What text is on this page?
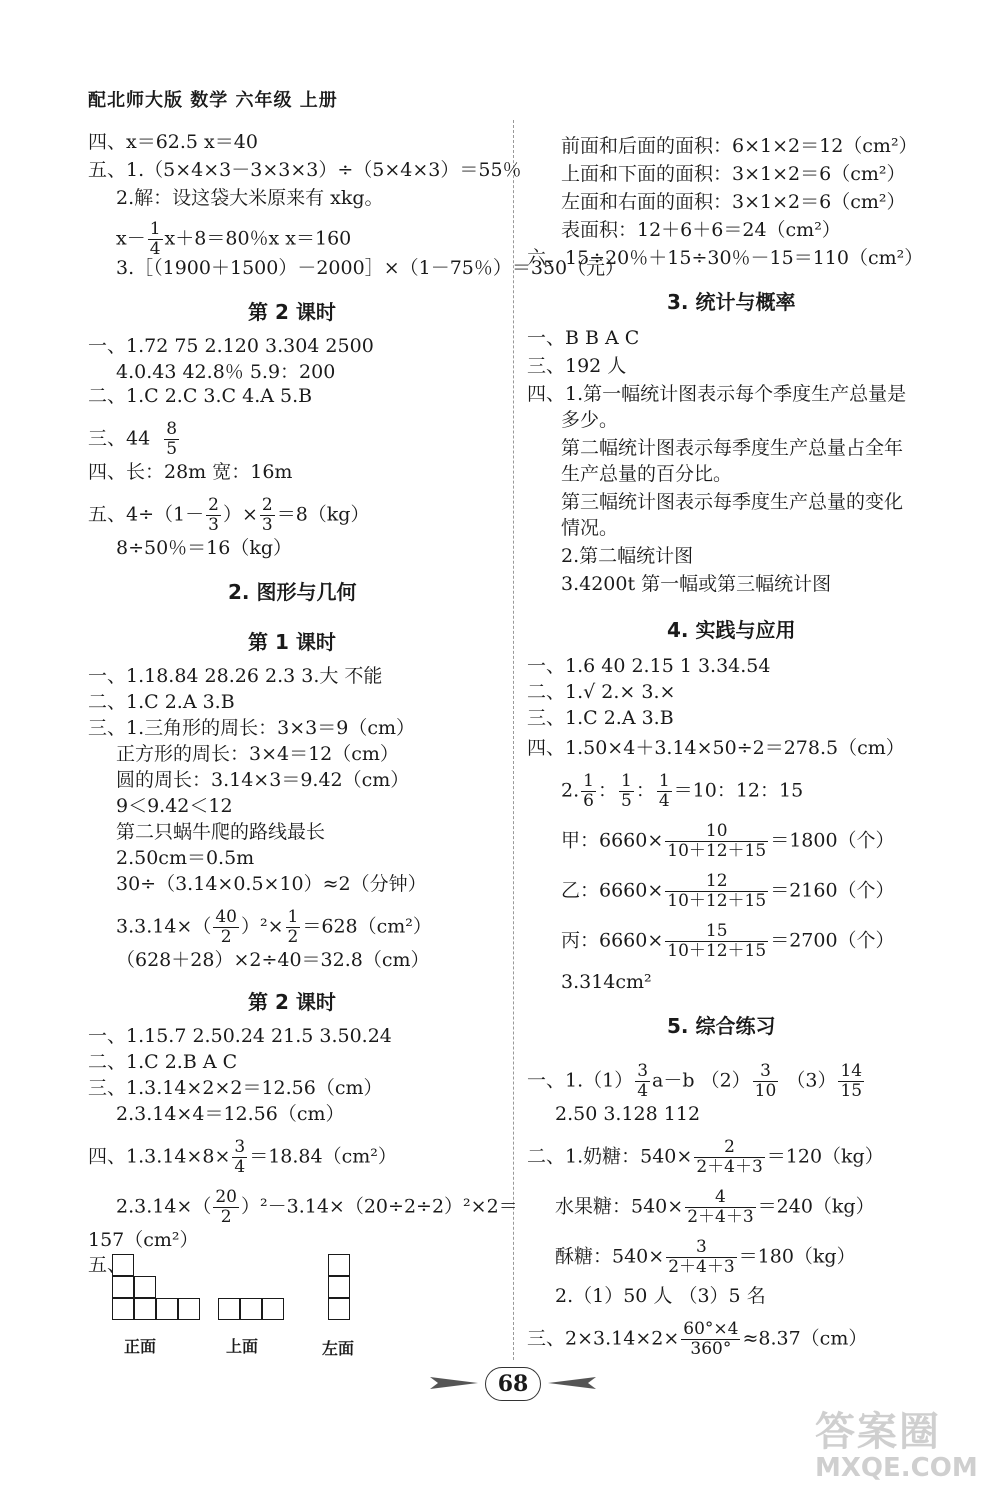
配北师大版 数学 六年级 上册
四、x＝62.5 x＝40
五、1.（5×4×3－3×3×3）÷（5×4×3）＝55％
2.解：设这袋大米原来有 xkg。
$x- \frac{1}{4} x+8=80$％x x＝160
3.［（1900＋1500）－2000］×（1－75％）＝350（元）
第 2 课时
一、1.72 75 2.120 3.304 2500
4.0.43 42.8％ 5.9：200
二、1.C 2.C 3.C 4.A 5.B
三、$44 \frac{8}{5}$
四、长：28m 宽：16m
五、$4\div(1- \frac{2}{3}$ ）× $\frac{2}{3} =8(kg)$
8÷50％＝16（kg）
2. 图形与几何
第 1 课时
一、1.18.84 28.26 2.3 3.大 不能
二、1.C 2.A 3.B
三、1.三角形的周长：3×3＝9（cm）
正方形的周长：3×4＝12（cm）
圆的周长：3.14×3＝9.42（cm）
9＜9.42＜12
第二只蜗牛爬的路线最长
2.50cm＝0.5m
30÷（3.14×0.5×10）≈2（分钟）
$3.3.14\times( \frac{40}{2} )^2\times \frac{1}{2} =628(cm^2)$
（628＋28）×2÷40＝32.8（cm）
第 2 课时
一、1.15.7 2.50.24 21.5 3.50.24
二、1.C 2.B A C
三、1.3.14×2×2＝12.56（cm）
2.3.14×4＝12.56（cm）
四、$1.3.14\times 8\times \frac{3}{4} =18.84(cm^2)$
$2.3.14\times( \frac{20}{2} )^2-3.14\times(20\div 2\div 2)^2\times 2=$
157（cm²）
五、
正面	上面	左面
前面和后面的面积：6×1×2＝12（cm²）
上面和下面的面积：3×1×2＝6（cm²）
左面和右面的面积：3×1×2＝6（cm²）
表面积：12＋6＋6＝24（cm²）
六、15÷20％＋15÷30％－15＝110（cm²）
3. 统计与概率
一、B B A C
三、192 人
四、1.第一幅统计图表示每个季度生产总量是
多少。
第二幅统计图表示每季度生产总量占全年
生产总量的百分比。
第三幅统计图表示每季度生产总量的变化
情况。
2.第二幅统计图
3.4200t 第一幅或第三幅统计图
4. 实践与应用
一、1.6 40 2.15 1 3.34.54
二、1.√ 2.× 3.×
三、1.C 2.A 3.B
四、1.50×4＋3.14×50÷2＝278.5（cm）
2. $\frac{1}{6}$ ： $\frac{1}{5}$ ： $\frac{1}{4} =10$：12：15
甲：$6660\times \frac{10}{10+12+15} =1800$（个）
乙：$6660\times \frac{12}{10+12+15} =2160$（个）
丙：$6660\times \frac{15}{10+12+15} =2700$（个）
3.314cm²
5. 综合练习
一、$1.(1) \frac{3}{4} a-b$ $(2) \frac{3}{10} (3) \frac{14}{15}$
2.50 3.128 112
二、1.奶糖：$540\times \frac{2}{2+4+3} =120(kg)$
水果糖：$540\times \frac{4}{2+4+3} =240(kg)$
酥糖：$540\times \frac{3}{2+4+3} =180(kg)$
2.（1）50 人 （3）5 名
三、$2\times 3.14\times 2\times \frac{60^\circ\times 4}{360^\circ} \approx 8.37(cm)$
68
答案圈
MXQE.COM
